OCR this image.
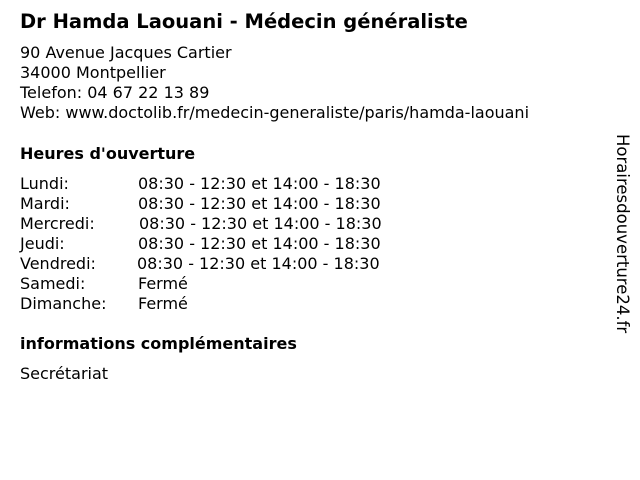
Dr Hamda Laouani - Médecin généraliste
90 Avenue Jacques Cartier
34000 Montpellier
Telefon: 04 67 22 13 89
Web: www.doctolib.fr/medecin-generaliste/paris/hamda-laouani
Heures d'ouverture
Lundi:	08:30 - 12:30 et 14:00 - 18:30
Mardi:	08:30 - 12:30 et 14:00 - 18:30
Mercredi:	08:30 - 12:30 et 14:00 - 18:30
Jeudi:	08:30 - 12:30 et 14:00 - 18:30
Vendredi:	08:30 - 12:30 et 14:00 - 18:30
Samedi:	Fermé
Dimanche: Fermé
informations complémentaires
Secrétariat
Horairesdouverture24.fr
